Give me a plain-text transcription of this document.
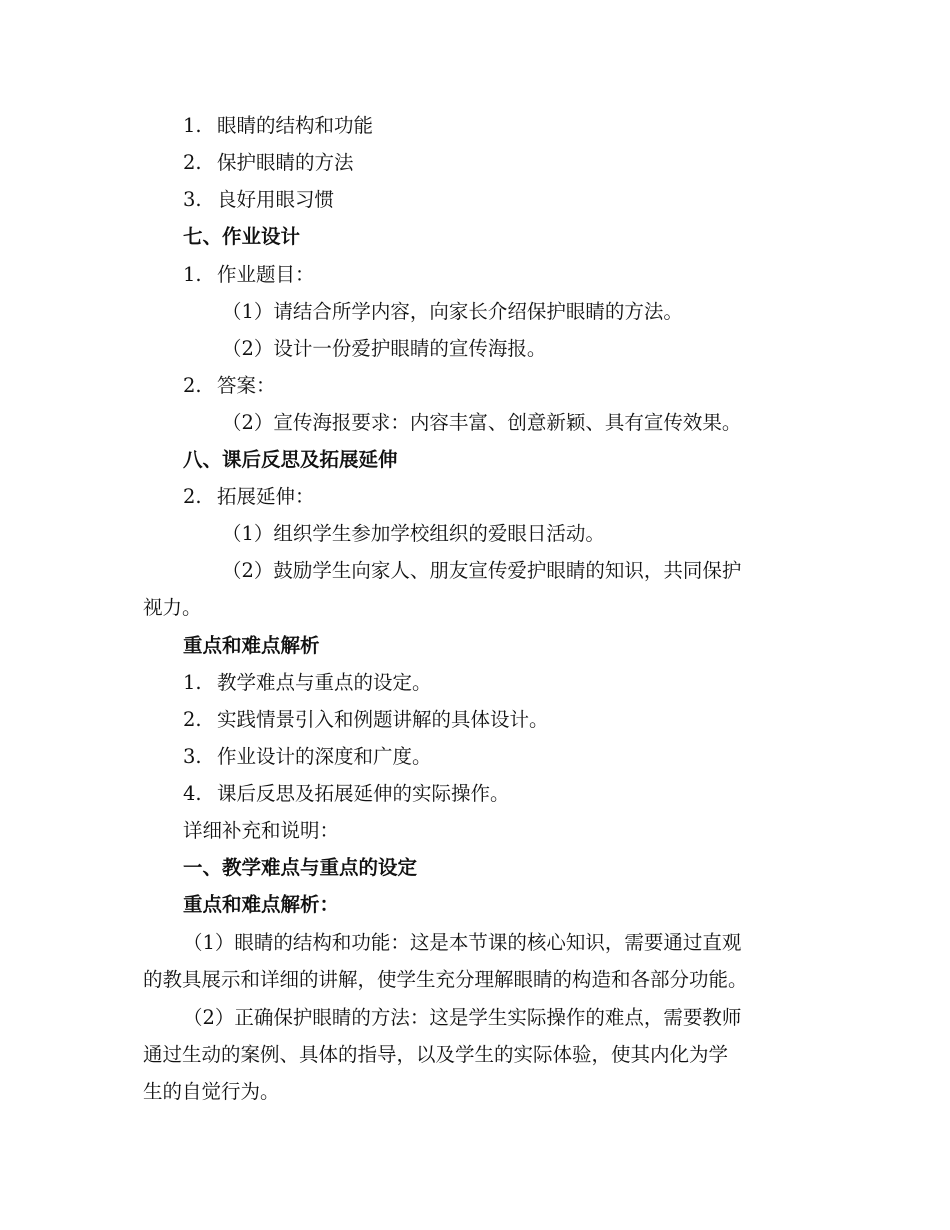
1. 眼睛的结构和功能
2. 保护眼睛的方法
3. 良好用眼习惯
七、作业设计
1. 作业题目：
（1）请结合所学内容，向家长介绍保护眼睛的方法。
（2）设计一份爱护眼睛的宣传海报。
2. 答案：
（2）宣传海报要求：内容丰富、创意新颖、具有宣传效果。
八、课后反思及拓展延伸
2. 拓展延伸：
（1）组织学生参加学校组织的爱眼日活动。
（2）鼓励学生向家人、朋友宣传爱护眼睛的知识，共同保护
视力。
重点和难点解析
1. 教学难点与重点的设定。
2. 实践情景引入和例题讲解的具体设计。
3. 作业设计的深度和广度。
4. 课后反思及拓展延伸的实际操作。
详细补充和说明：
一、教学难点与重点的设定
重点和难点解析：
（1）眼睛的结构和功能：这是本节课的核心知识，需要通过直观
的教具展示和详细的讲解，使学生充分理解眼睛的构造和各部分功能。
（2）正确保护眼睛的方法：这是学生实际操作的难点，需要教师
通过生动的案例、具体的指导，以及学生的实际体验，使其内化为学
生的自觉行为。
